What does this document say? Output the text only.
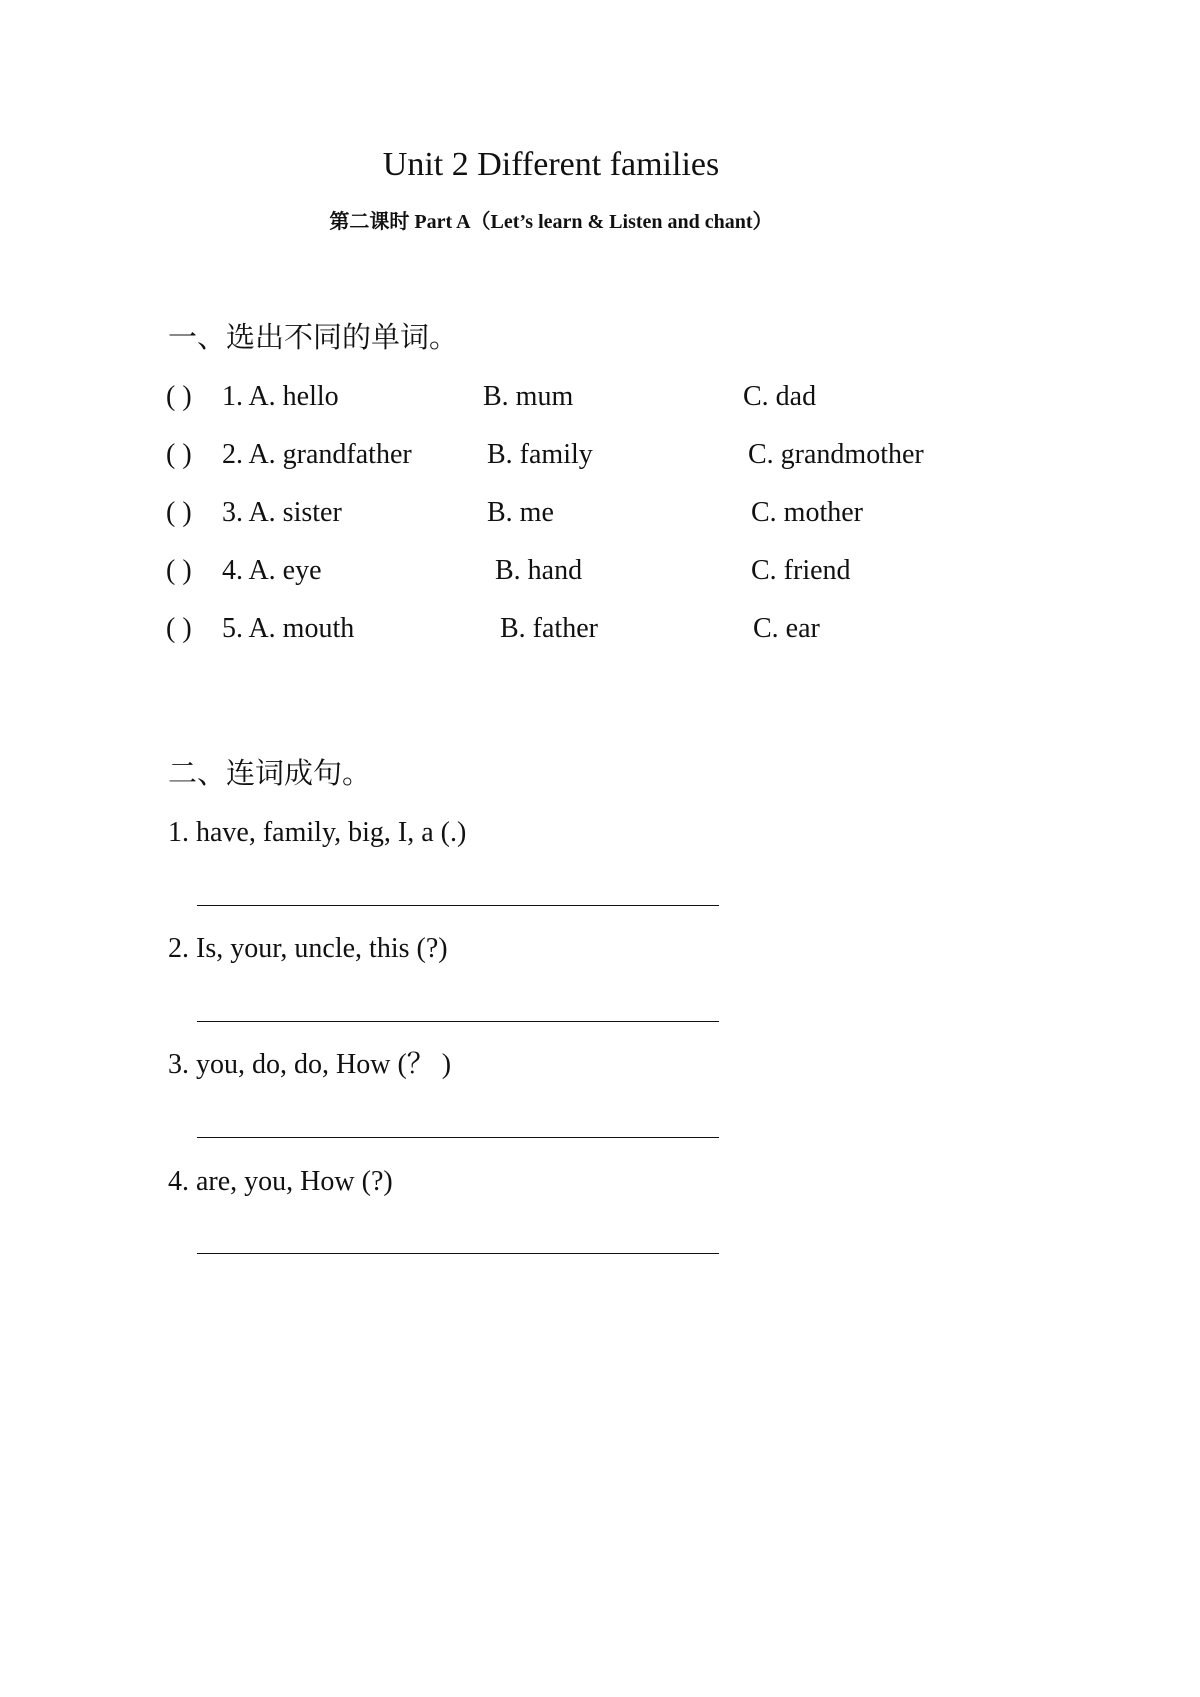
Unit 2 Different families
第二课时 Part A（Let’s learn & Listen and chant）
一、选出不同的单词。
( ) 1. A. hello	B. mum	C. dad
( ) 2. A. grandfather	B. family	C. grandmother
( ) 3. A. sister	B. me	C. mother
( ) 4. A. eye	B. hand	C. friend
( ) 5. A. mouth	B. father	C. ear
二、连词成句。
1. have, family, big, I, a (.)
2. Is, your, uncle, this (?)
3. you, do, do, How (？ )
4. are, you, How (?)
